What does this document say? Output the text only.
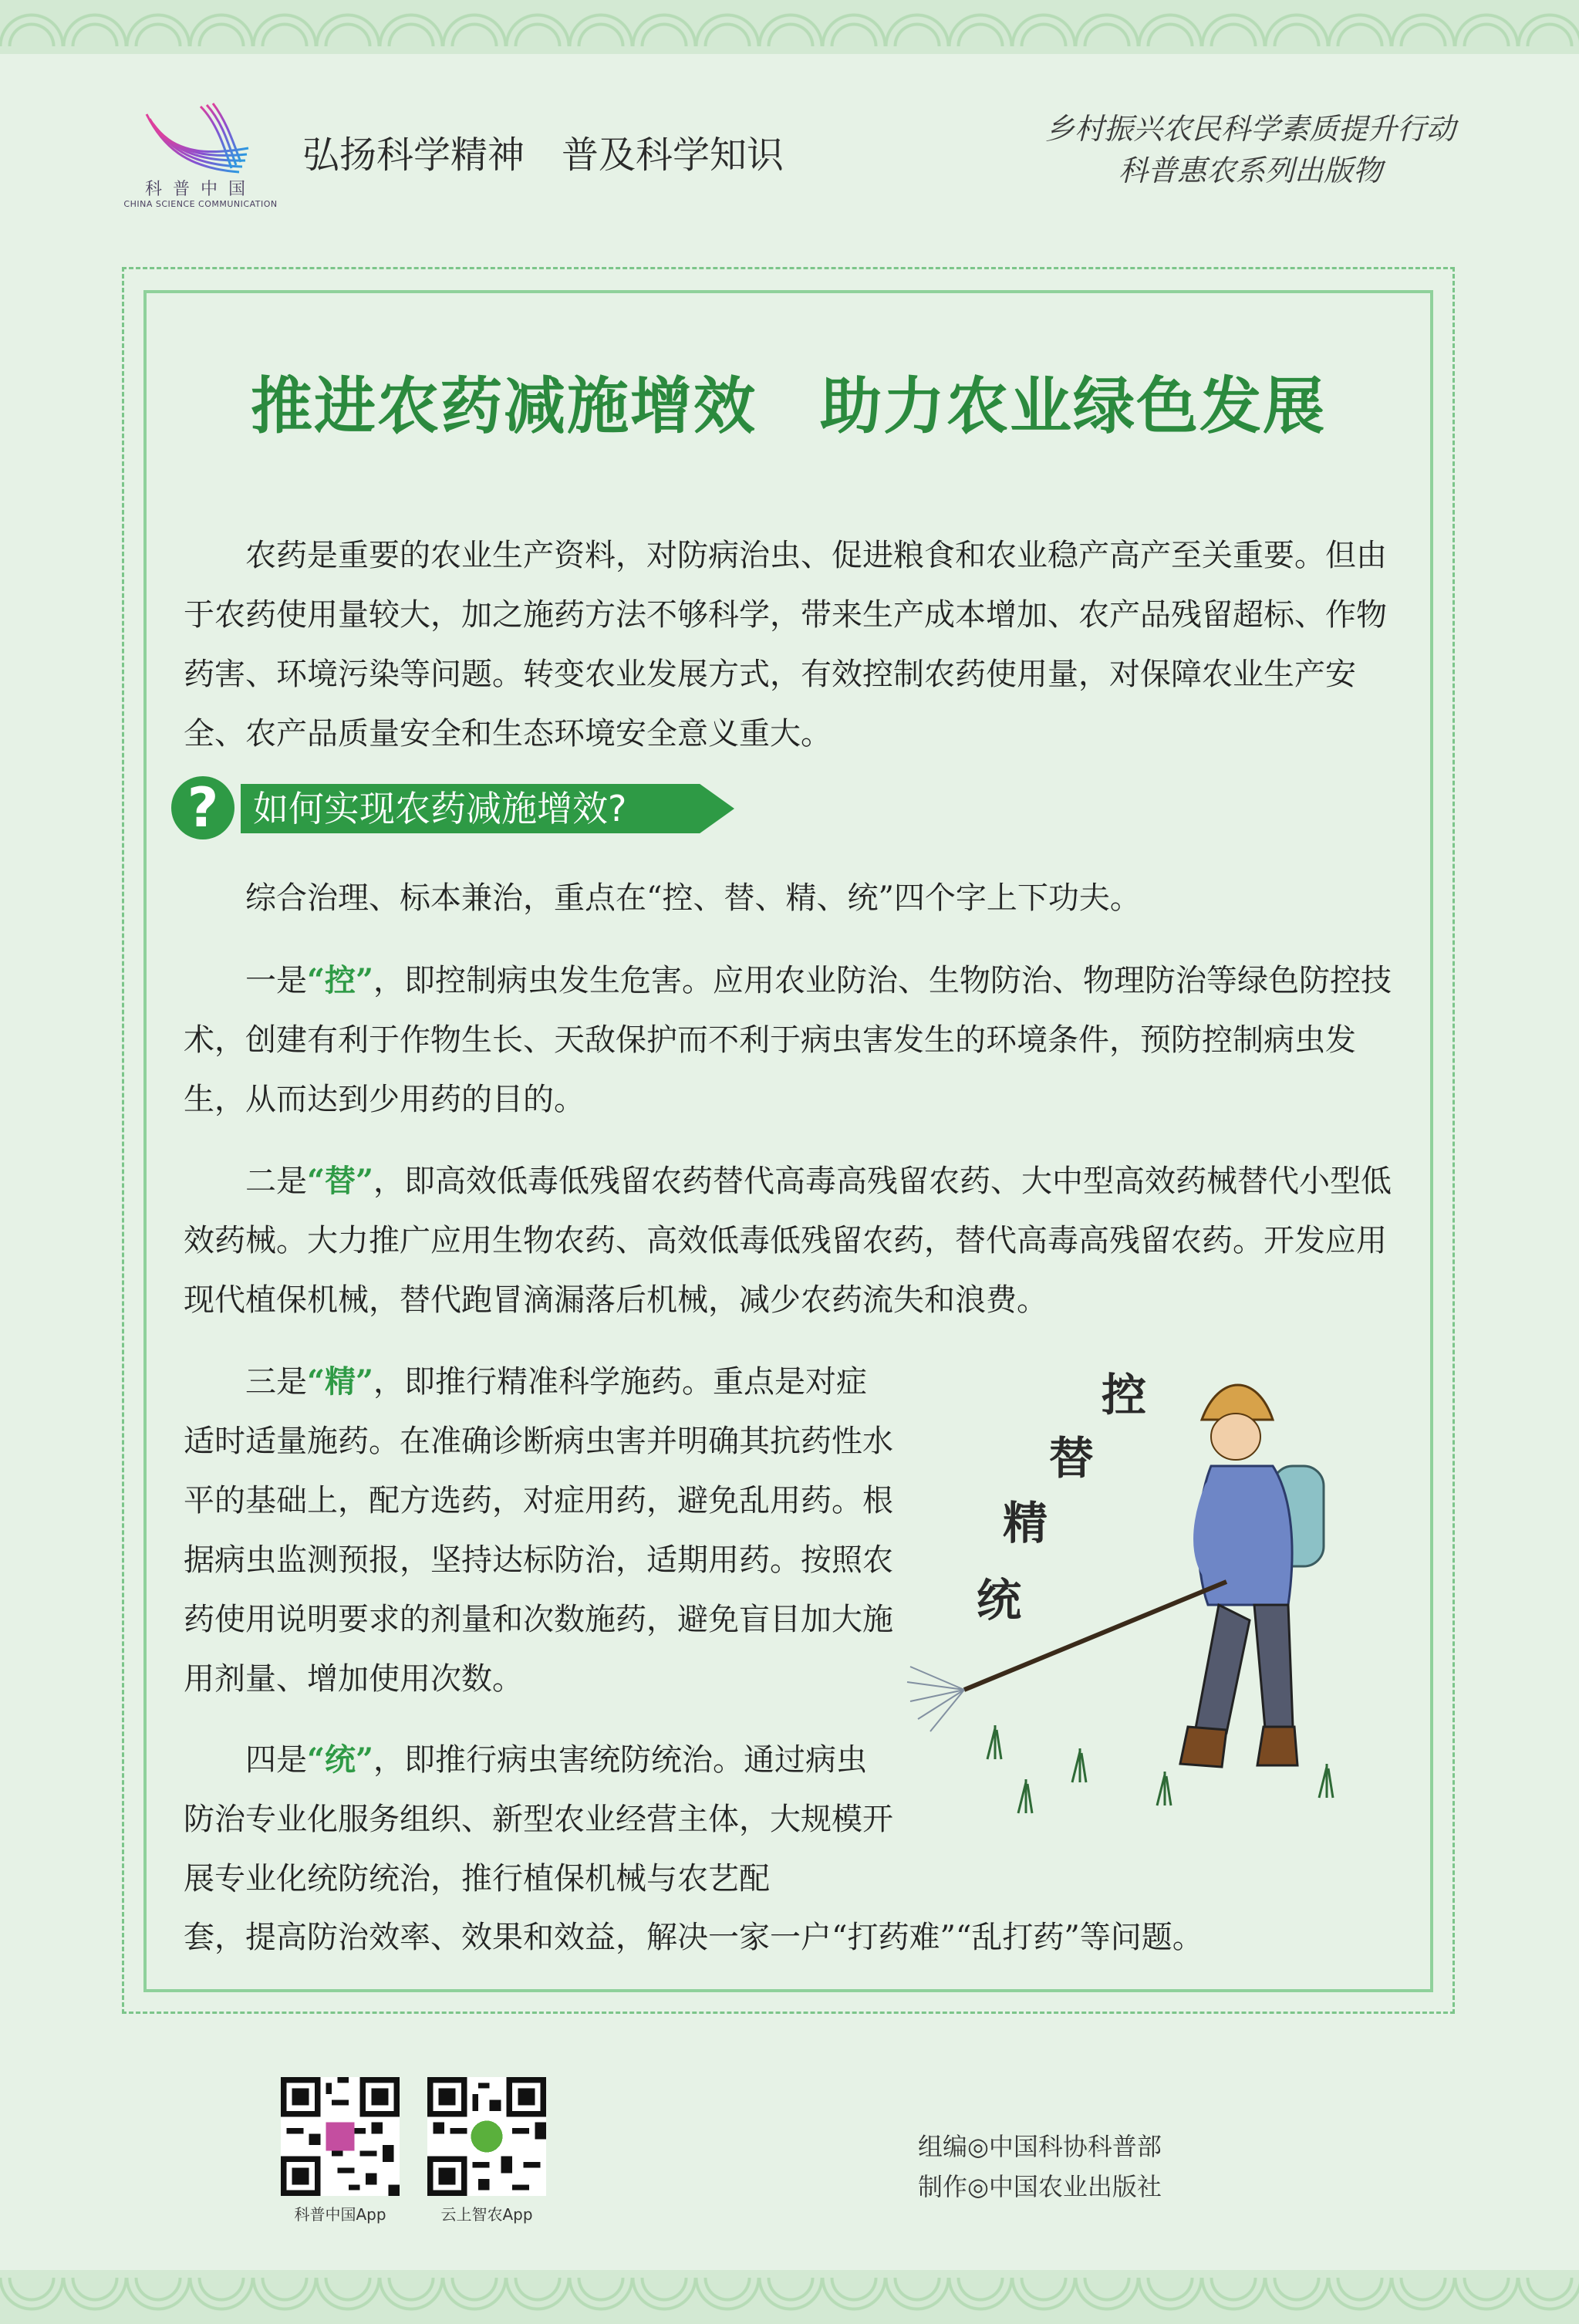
科普中国
CHINA SCIENCE COMMUNICATION
弘扬科学精神　普及科学知识
乡村振兴农民科学素质提升行动
科普惠农系列出版物
推进农药减施增效　助力农业绿色发展

农药是重要的农业生产资料，对防病治虫、促进粮食和农业稳产高产至关重要。但由于农药使用量较大，加之施药方法不够科学，带来生产成本增加、农产品残留超标、作物药害、环境污染等问题。转变农业发展方式，有效控制农药使用量，对保障农业生产安全、农产品质量安全和生态环境安全意义重大。

? 如何实现农药减施增效?

综合治理、标本兼治，重点在“控、替、精、统”四个字上下功夫。

一是“控”，即控制病虫发生危害。应用农业防治、生物防治、物理防治等绿色防控技术，创建有利于作物生长、天敌保护而不利于病虫害发生的环境条件，预防控制病虫发生，从而达到少用药的目的。

二是“替”，即高效低毒低残留农药替代高毒高残留农药、大中型高效药械替代小型低效药械。大力推广应用生物农药、高效低毒低残留农药，替代高毒高残留农药。开发应用现代植保机械，替代跑冒滴漏落后机械，减少农药流失和浪费。

三是“精”，即推行精准科学施药。重点是对症适时适量施药。在准确诊断病虫害并明确其抗药性水平的基础上，配方选药，对症用药，避免乱用药。根据病虫监测预报，坚持达标防治，适期用药。按照农药使用说明要求的剂量和次数施药，避免盲目加大施用剂量、增加使用次数。

四是“统”，即推行病虫害统防统治。通过病虫防治专业化服务组织、新型农业经营主体，大规模开展专业化统防统治，推行植保机械与农艺配

套，提高防治效率、效果和效益，解决一家一户“打药难”“乱打药”等问题。

控
替
精
统
科普中国App	云上智农App
组编◎中国科协科普部
制作◎中国农业出版社
